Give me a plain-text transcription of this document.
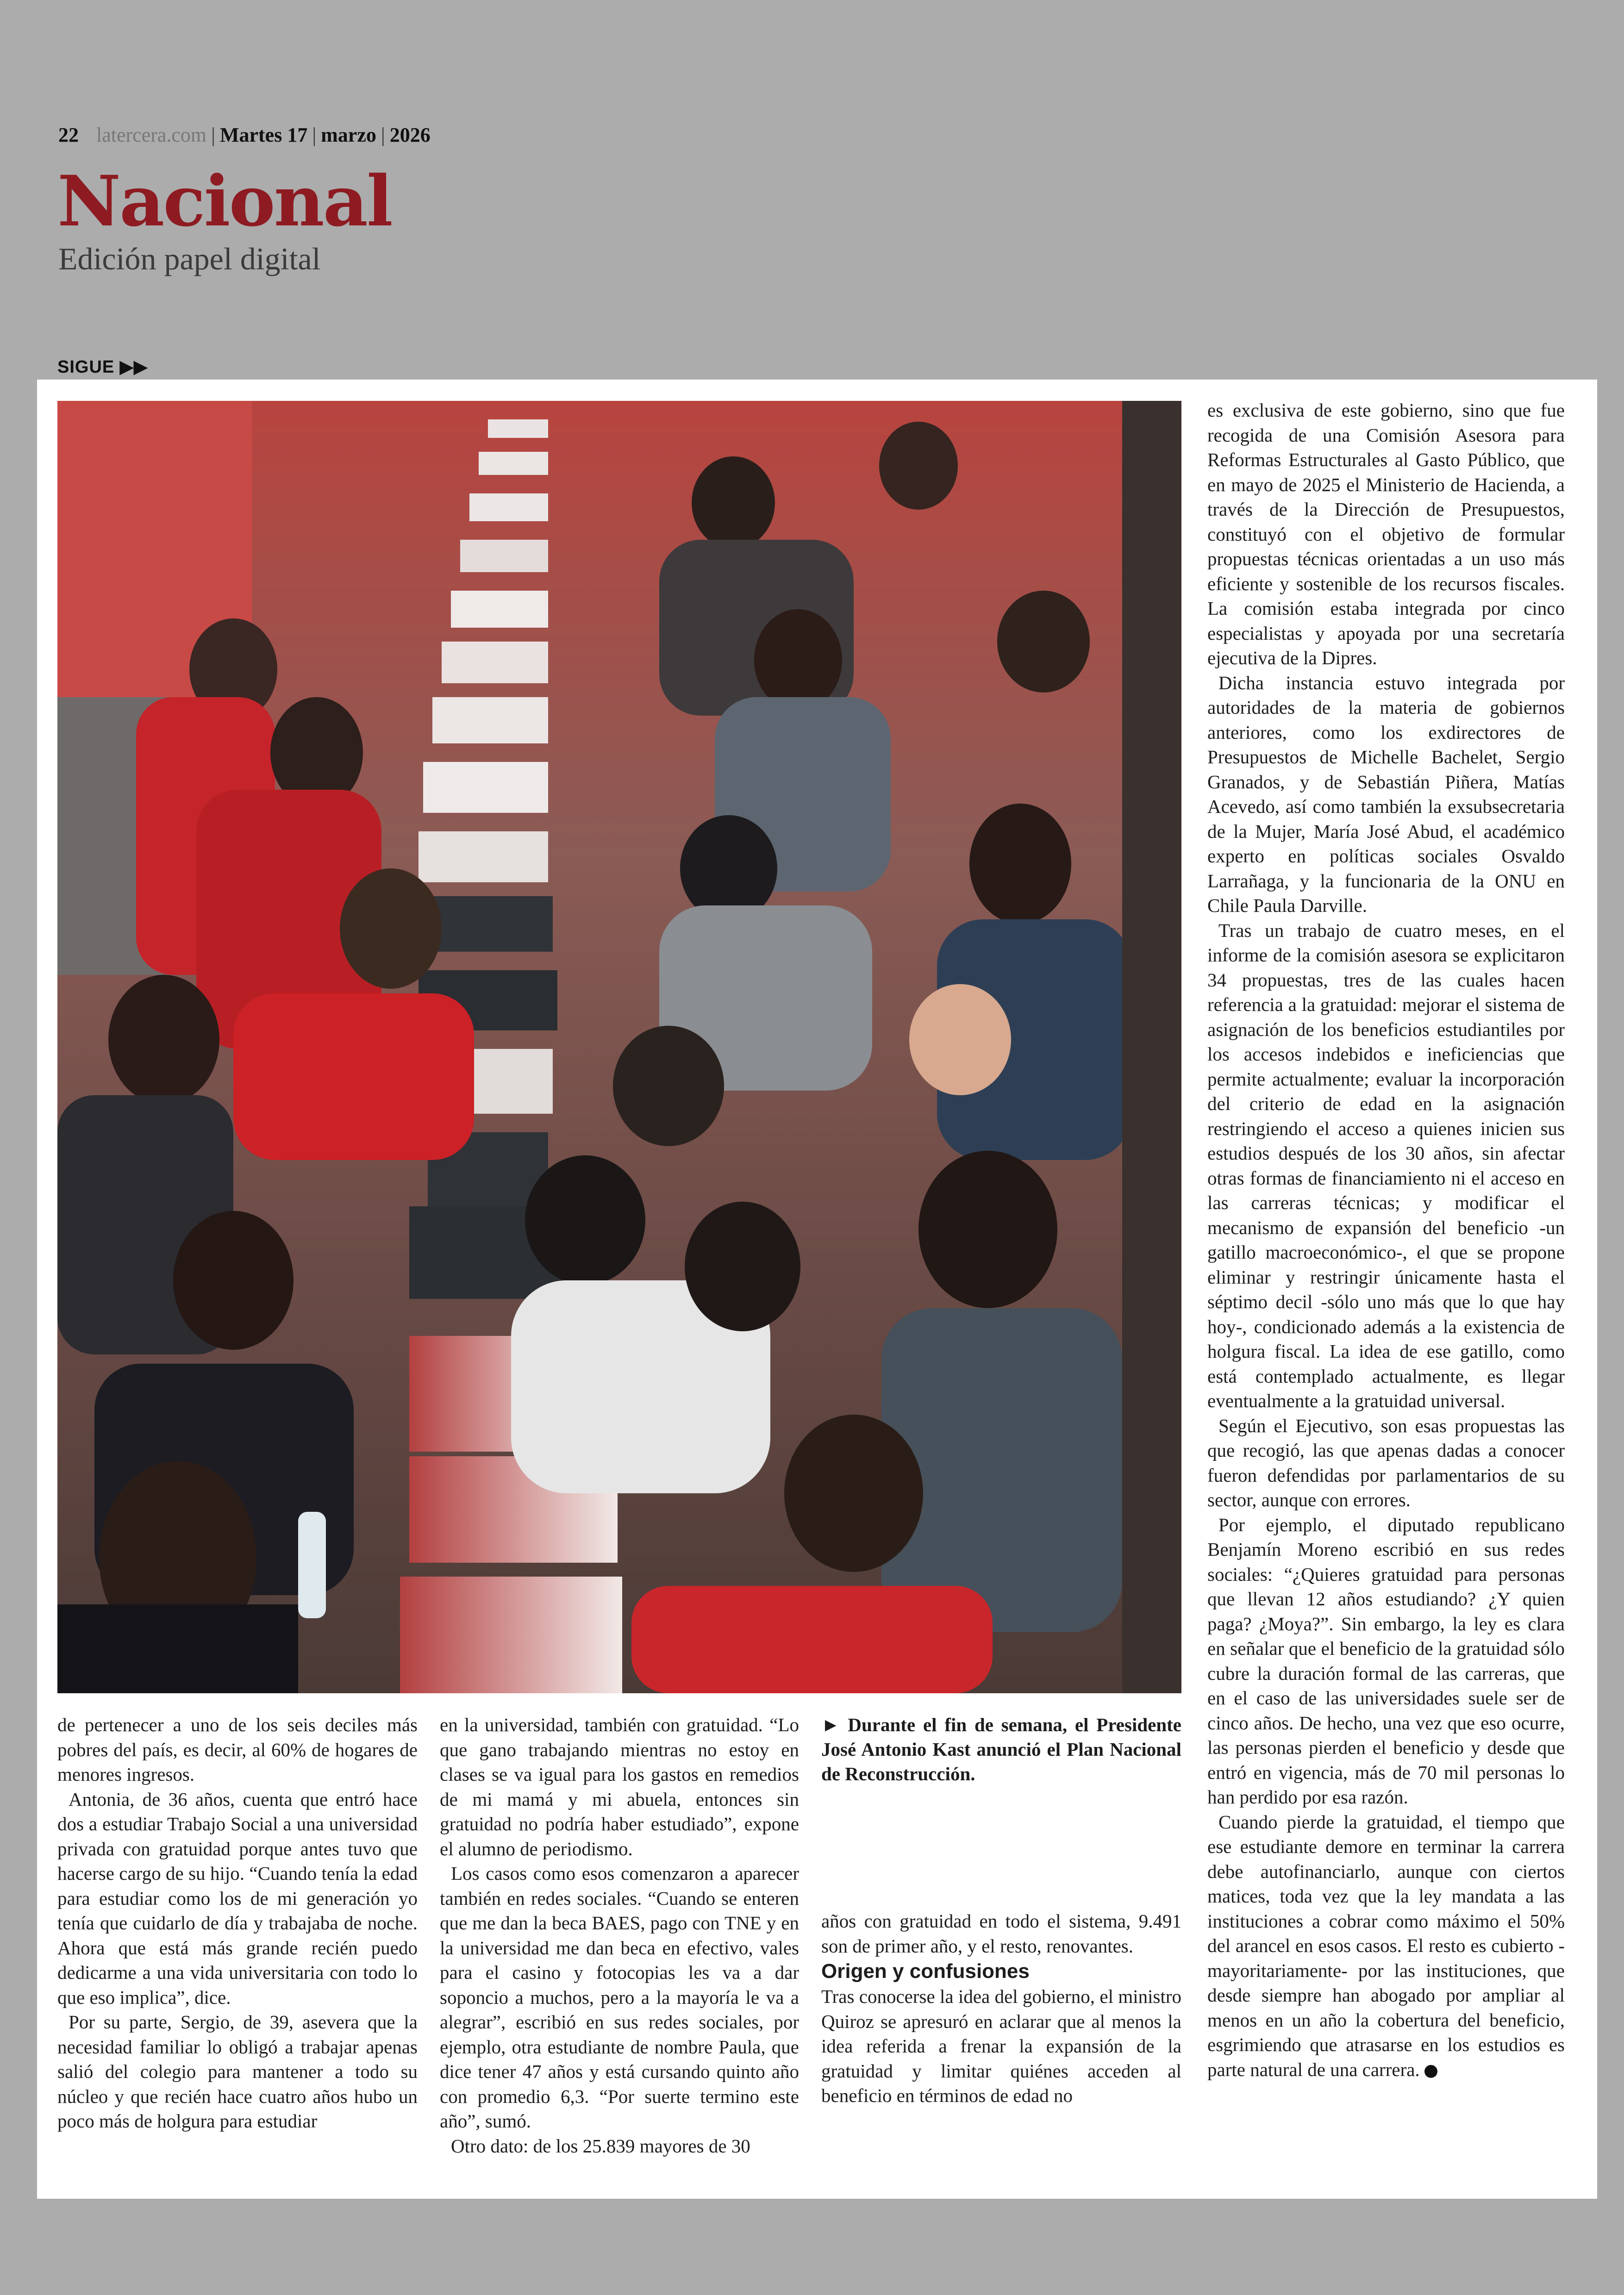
22 latercera.com | Martes 17 | marzo | 2026
Nacional
Edición papel digital
SIGUE ▶▶

de pertenecer a uno de los seis deciles más pobres del país, es decir, al 60% de hogares de menores ingresos.

Antonia, de 36 años, cuenta que entró hace dos a estudiar Trabajo Social a una universidad privada con gratuidad porque antes tuvo que hacerse cargo de su hijo. “Cuando tenía la edad para estudiar como los de mi generación yo tenía que cuidarlo de día y trabajaba de noche. Ahora que está más grande recién puedo dedicarme a una vida universitaria con todo lo que eso implica”, dice.

Por su parte, Sergio, de 39, asevera que la necesidad familiar lo obligó a trabajar apenas salió del colegio para mantener a todo su núcleo y que recién hace cuatro años hubo un poco más de holgura para estudiar

en la universidad, también con gratuidad. “Lo que gano trabajando mientras no estoy en clases se va igual para los gastos en remedios de mi mamá y mi abuela, entonces sin gratuidad no podría haber estudiado”, expone el alumno de periodismo.

Los casos como esos comenzaron a aparecer también en redes sociales. “Cuando se enteren que me dan la beca BAES, pago con TNE y en la universidad me dan beca en efectivo, vales para el casino y fotocopias les va a dar soponcio a muchos, pero a la mayoría le va a alegrar”, escribió en sus redes sociales, por ejemplo, otra estudiante de nombre Paula, que dice tener 47 años y está cursando quinto año con promedio 6,3. “Por suerte termino este año”, sumó.

Otro dato: de los 25.839 mayores de 30

► Durante el fin de semana, el Presidente José Antonio Kast anunció el Plan Nacional de Reconstrucción.

años con gratuidad en todo el sistema, 9.491 son de primer año, y el resto, renovantes.

Origen y confusiones

Tras conocerse la idea del gobierno, el ministro Quiroz se apresuró en aclarar que al menos la idea referida a frenar la expansión de la gratuidad y limitar quiénes acceden al beneficio en términos de edad no

es exclusiva de este gobierno, sino que fue recogida de una Comisión Asesora para Reformas Estructurales al Gasto Público, que en mayo de 2025 el Ministerio de Hacienda, a través de la Dirección de Presupuestos, constituyó con el objetivo de formular propuestas técnicas orientadas a un uso más eficiente y sostenible de los recursos fiscales. La comisión estaba integrada por cinco especialistas y apoyada por una secretaría ejecutiva de la Dipres.

Dicha instancia estuvo integrada por autoridades de la materia de gobiernos anteriores, como los exdirectores de Presupuestos de Michelle Bachelet, Sergio Granados, y de Sebastián Piñera, Matías Acevedo, así como también la exsubsecretaria de la Mujer, María José Abud, el académico experto en políticas sociales Osvaldo Larrañaga, y la funcionaria de la ONU en Chile Paula Darville.

Tras un trabajo de cuatro meses, en el informe de la comisión asesora se explicitaron 34 propuestas, tres de las cuales hacen referencia a la gratuidad: mejorar el sistema de asignación de los beneficios estudiantiles por los accesos indebidos e ineficiencias que permite actualmente; evaluar la incorporación del criterio de edad en la asignación restringiendo el acceso a quienes inicien sus estudios después de los 30 años, sin afectar otras formas de financiamiento ni el acceso en las carreras técnicas; y modificar el mecanismo de expansión del beneficio -un gatillo macroeconómico-, el que se propone eliminar y restringir únicamente hasta el séptimo decil -sólo uno más que lo que hay hoy-, condicionado además a la existencia de holgura fiscal. La idea de ese gatillo, como está contemplado actualmente, es llegar eventualmente a la gratuidad universal.

Según el Ejecutivo, son esas propuestas las que recogió, las que apenas dadas a conocer fueron defendidas por parlamentarios de su sector, aunque con errores.

Por ejemplo, el diputado republicano Benjamín Moreno escribió en sus redes sociales: “¿Quieres gratuidad para personas que llevan 12 años estudiando? ¿Y quien paga? ¿Moya?”. Sin embargo, la ley es clara en señalar que el beneficio de la gratuidad sólo cubre la duración formal de las carreras, que en el caso de las universidades suele ser de cinco años. De hecho, una vez que eso ocurre, las personas pierden el beneficio y desde que entró en vigencia, más de 70 mil personas lo han perdido por esa razón.

Cuando pierde la gratuidad, el tiempo que ese estudiante demore en terminar la carrera debe autofinanciarlo, aunque con ciertos matices, toda vez que la ley mandata a las instituciones a cobrar como máximo el 50% del arancel en esos casos. El resto es cubierto -mayoritariamente- por las instituciones, que desde siempre han abogado por ampliar al menos en un año la cobertura del beneficio, esgrimiendo que atrasarse en los estudios es parte natural de una carrera.
